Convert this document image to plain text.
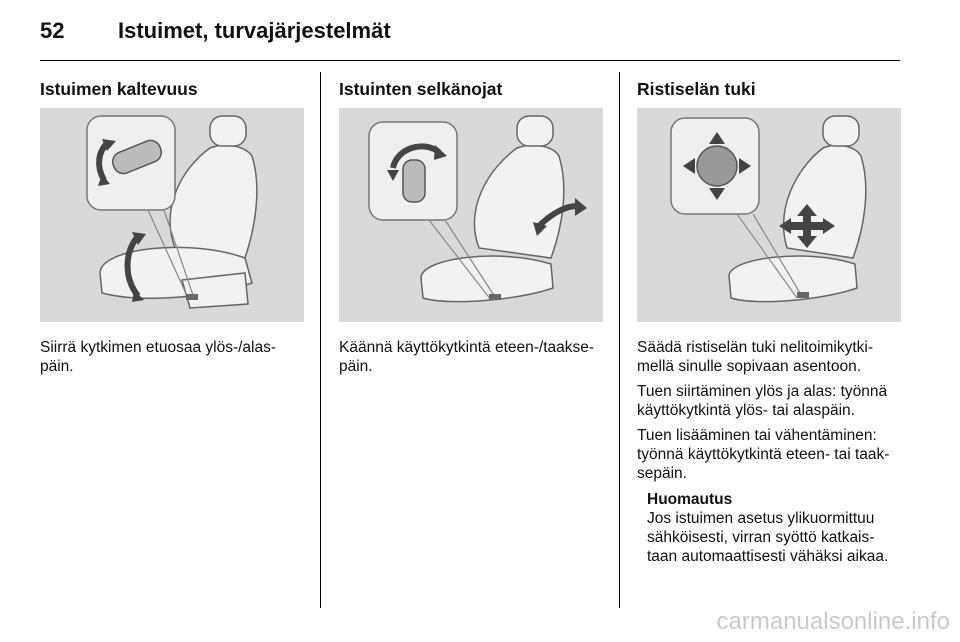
52 Istuimet, turvajärjestelmät
Istuimen kaltevuus
Siirrä kytkimen etuosaa ylös-/alas-
päin.
Istuinten selkänojat
Käännä käyttökytkintä eteen-/taakse-
päin.
Ristiselän tuki
Säädä ristiselän tuki nelitoimikytki-
mellä sinulle sopivaan asentoon.
Tuen siirtäminen ylös ja alas: työnnä
käyttökytkintä ylös- tai alaspäin.
Tuen lisääminen tai vähentäminen:
työnnä käyttökytkintä eteen- tai taak-
sepäin.
Huomautus
Jos istuimen asetus ylikuormittuu
sähköisesti, virran syöttö katkais-
taan automaattisesti vähäksi aikaa.
carmanualsonline.info
